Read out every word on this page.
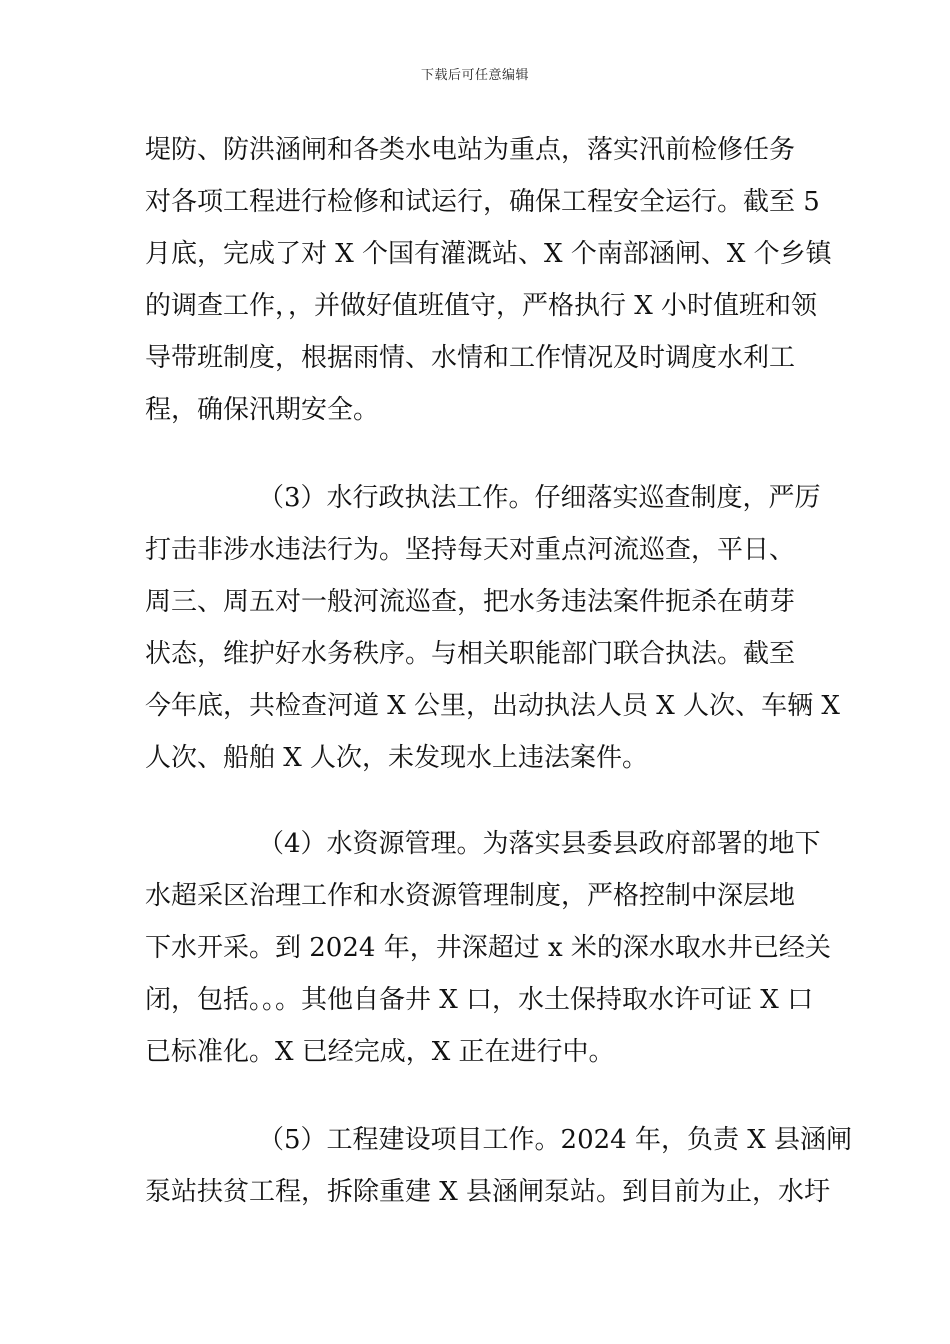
下载后可任意编辑
堤防、防洪涵闸和各类水电站为重点，落实汛前检修任务
对各项工程进行检修和试运行，确保工程安全运行。截至 5
月底，完成了对 X 个国有灌溉站、X 个南部涵闸、X 个乡镇
的调查工作，，并做好值班值守，严格执行 X 小时值班和领
导带班制度，根据雨情、水情和工作情况及时调度水利工
程，确保汛期安全。
（3）水行政执法工作。仔细落实巡查制度，严厉
打击非涉水违法行为。坚持每天对重点河流巡查，平日、
周三、周五对一般河流巡查，把水务违法案件扼杀在萌芽
状态，维护好水务秩序。与相关职能部门联合执法。截至
今年底，共检查河道 X 公里，出动执法人员 X 人次、车辆 X
人次、船舶 X 人次，未发现水上违法案件。
（4）水资源管理。为落实县委县政府部署的地下
水超采区治理工作和水资源管理制度，严格控制中深层地
下水开采。到 2024 年，井深超过 x 米的深水取水井已经关
闭，包括。。。其他自备井 X 口，水土保持取水许可证 X 口
已标准化。X 已经完成，X 正在进行中。
（5）工程建设项目工作。2024 年，负责 X 县涵闸
泵站扶贫工程，拆除重建 X 县涵闸泵站。到目前为止，水圩
